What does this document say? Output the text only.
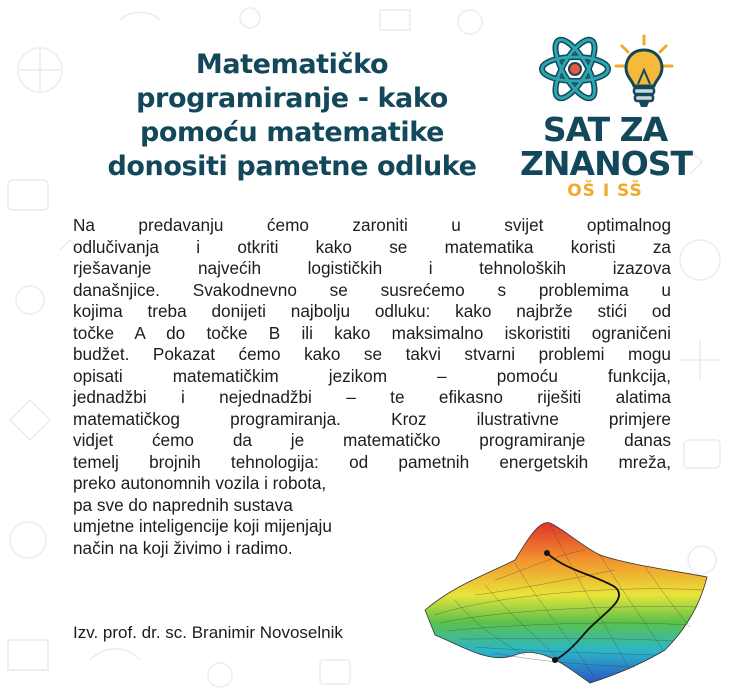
Matematičko
programiranje - kako
pomoću matematike
donositi pametne odluke
SAT ZA
ZNANOST
OŠ I SŠ
Na predavanju ćemo zaroniti u svijet optimalnog
odlučivanja i otkriti kako se matematika koristi za
rješavanje najvećih logističkih i tehnoloških izazova
današnjice. Svakodnevno se susrećemo s problemima u
kojima treba donijeti najbolju odluku: kako najbrže stići od
točke A do točke B ili kako maksimalno iskoristiti ograničeni
budžet. Pokazat ćemo kako se takvi stvarni problemi mogu
opisati matematičkim jezikom – pomoću funkcija,
jednadžbi i nejednadžbi – te efikasno riješiti alatima
matematičkog programiranja. Kroz ilustrativne primjere
vidjet ćemo da je matematičko programiranje danas
temelj brojnih tehnologija: od pametnih energetskih mreža,
preko autonomnih vozila i robota,
pa sve do naprednih sustava
umjetne inteligencije koji mijenjaju
način na koji živimo i radimo.
Izv. prof. dr. sc. Branimir Novoselnik
